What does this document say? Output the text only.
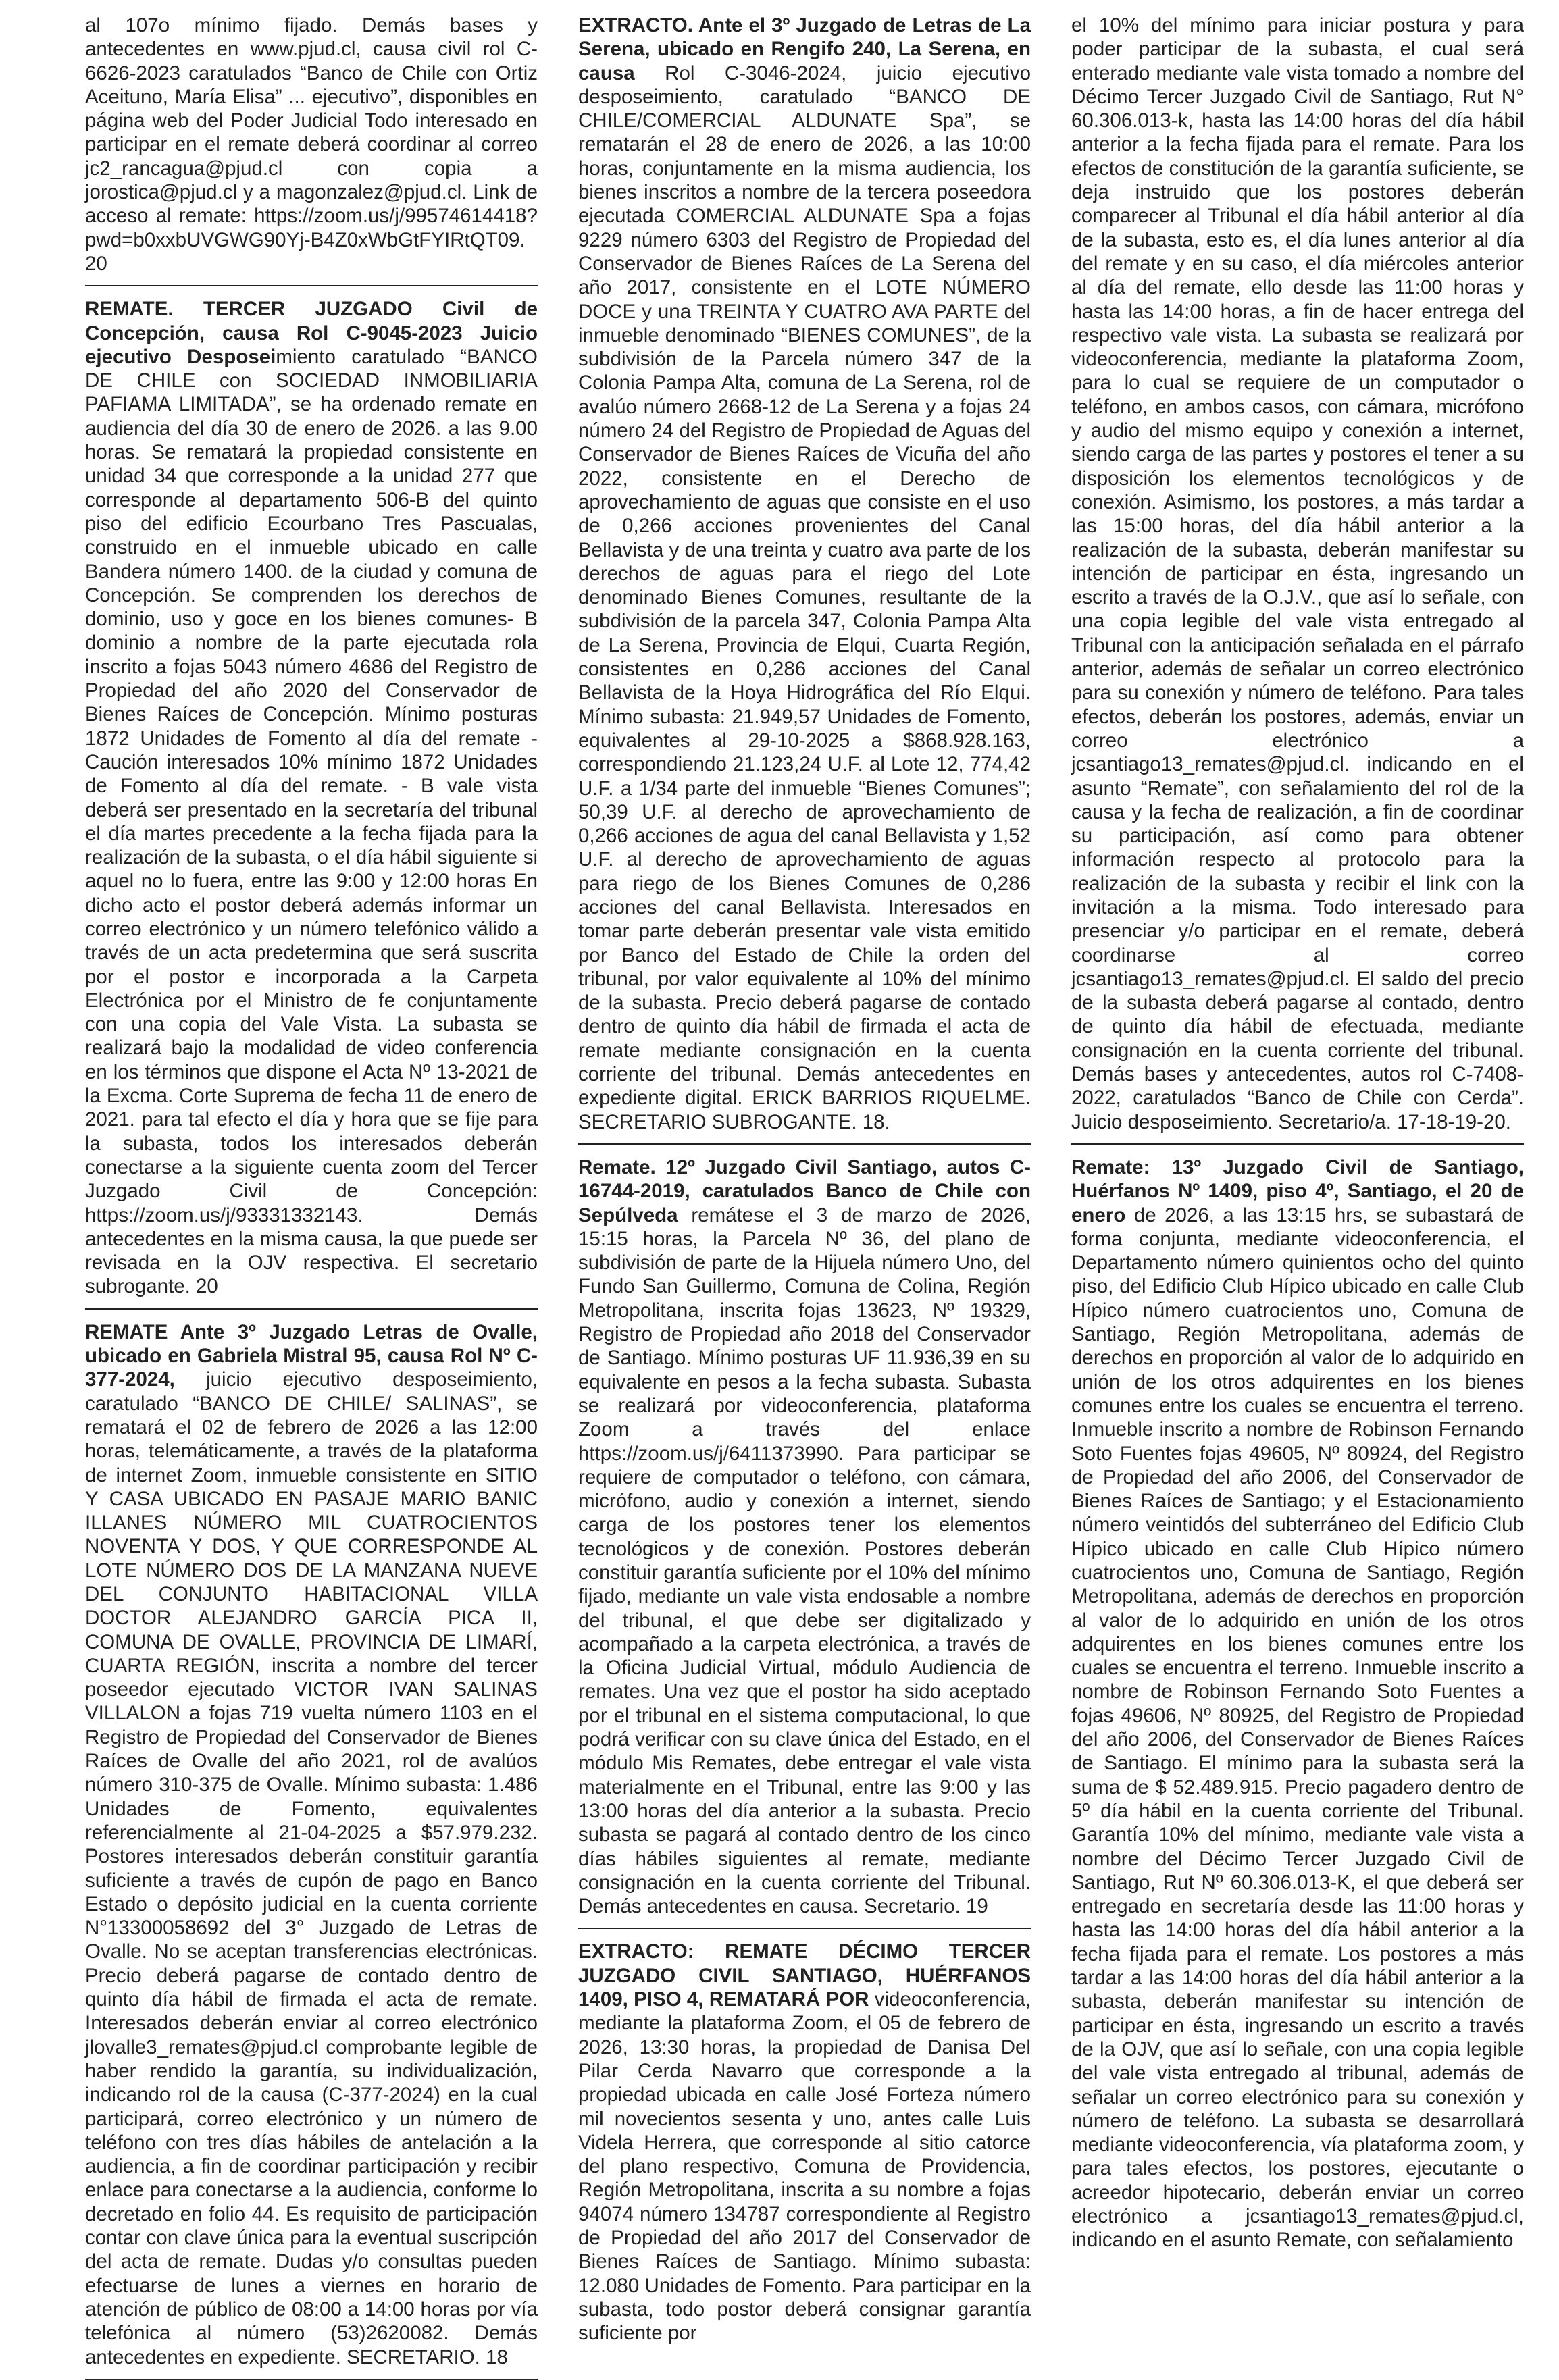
al 107o mínimo fijado. Demás bases y antecedentes en www.pjud.cl, causa civil rol C-6626-2023 caratulados “Banco de Chile con Ortiz Aceituno, María Elisa” ... ejecutivo”, disponibles en página web del Poder Judicial Todo interesado en participar en el remate deberá coordinar al correo jc2_rancagua@pjud.cl con copia a jorostica@pjud.cl y a magonzalez@pjud.cl. Link de acceso al remate: https://zoom.us/j/99574614418?pwd=b0xxbUVGWG90Yj-B4Z0xWbGtFYIRtQT09. 20

REMATE. TERCER JUZGADO Civil de Concepción, causa Rol C-9045-2023 Juicio ejecutivo Desposeimiento caratulado “BANCO DE CHILE con SOCIEDAD INMOBILIARIA PAFIAMA LIMITADA”, se ha ordenado remate en audiencia del día 30 de enero de 2026. a las 9.00 horas. Se rematará la propiedad consistente en unidad 34 que corresponde a la unidad 277 que corresponde al departamento 506-B del quinto piso del edificio Ecourbano Tres Pascualas, construido en el inmueble ubicado en calle Bandera número 1400. de la ciudad y comuna de Concepción. Se comprenden los derechos de dominio, uso y goce en los bienes comunes- B dominio a nombre de la parte ejecutada rola inscrito a fojas 5043 número 4686 del Registro de Propiedad del año 2020 del Conservador de Bienes Raíces de Concepción. Mínimo posturas 1872 Unidades de Fomento al día del remate - Caución interesados 10% mínimo 1872 Unidades de Fomento al día del remate. - B vale vista deberá ser presentado en la secretaría del tribunal el día martes precedente a la fecha fijada para la realización de la subasta, o el día hábil siguiente si aquel no lo fuera, entre las 9:00 y 12:00 horas En dicho acto el postor deberá además informar un correo electrónico y un número telefónico válido a través de un acta predetermina que será suscrita por el postor e incorporada a la Carpeta Electrónica por el Ministro de fe conjuntamente con una copia del Vale Vista. La subasta se realizará bajo la modalidad de video conferencia en los términos que dispone el Acta Nº 13-2021 de la Excma. Corte Suprema de fecha 11 de enero de 2021. para tal efecto el día y hora que se fije para la subasta, todos los interesados deberán conectarse a la siguiente cuenta zoom del Tercer Juzgado Civil de Concepción: https://zoom.us/j/93331332143. Demás antecedentes en la misma causa, la que puede ser revisada en la OJV respectiva. El secretario subrogante. 20

REMATE Ante 3º Juzgado Letras de Ovalle, ubicado en Gabriela Mistral 95, causa Rol Nº C-377-2024, juicio ejecutivo desposeimiento, caratulado “BANCO DE CHILE/ SALINAS”, se rematará el 02 de febrero de 2026 a las 12:00 horas, telemáticamente, a través de la plataforma de internet Zoom, inmueble consistente en SITIO Y CASA UBICADO EN PASAJE MARIO BANIC ILLANES NÚMERO MIL CUATROCIENTOS NOVENTA Y DOS, Y QUE CORRESPONDE AL LOTE NÚMERO DOS DE LA MANZANA NUEVE DEL CONJUNTO HABITACIONAL VILLA DOCTOR ALEJANDRO GARCÍA PICA II, COMUNA DE OVALLE, PROVINCIA DE LIMARÍ, CUARTA REGIÓN, inscrita a nombre del tercer poseedor ejecutado VICTOR IVAN SALINAS VILLALON a fojas 719 vuelta número 1103 en el Registro de Propiedad del Conservador de Bienes Raíces de Ovalle del año 2021, rol de avalúos número 310-375 de Ovalle. Mínimo subasta: 1.486 Unidades de Fomento, equivalentes referencialmente al 21-04-2025 a $57.979.232. Postores interesados deberán constituir garantía suficiente a través de cupón de pago en Banco Estado o depósito judicial en la cuenta corriente N°13300058692 del 3° Juzgado de Letras de Ovalle. No se aceptan transferencias electrónicas. Precio deberá pagarse de contado dentro de quinto día hábil de firmada el acta de remate. Interesados deberán enviar al correo electrónico jlovalle3_remates@pjud.cl comprobante legible de haber rendido la garantía, su individualización, indicando rol de la causa (C-377-2024) en la cual participará, correo electrónico y un número de teléfono con tres días hábiles de antelación a la audiencia, a fin de coordinar participación y recibir enlace para conectarse a la audiencia, conforme lo decretado en folio 44. Es requisito de participación contar con clave única para la eventual suscripción del acta de remate. Dudas y/o consultas pueden efectuarse de lunes a viernes en horario de atención de público de 08:00 a 14:00 horas por vía telefónica al número (53)2620082. Demás antecedentes en expediente. SECRETARIO. 18

EXTRACTO. Ante el 3º Juzgado de Letras de La Serena, ubicado en Rengifo 240, La Serena, en causa Rol C-3046-2024, juicio ejecutivo desposeimiento, caratulado “BANCO DE CHILE/COMERCIAL ALDUNATE Spa”, se rematarán el 28 de enero de 2026, a las 10:00 horas, conjuntamente en la misma audiencia, los bienes inscritos a nombre de la tercera poseedora ejecutada COMERCIAL ALDUNATE Spa a fojas 9229 número 6303 del Registro de Propiedad del Conservador de Bienes Raíces de La Serena del año 2017, consistente en el LOTE NÚMERO DOCE y una TREINTA Y CUATRO AVA PARTE del inmueble denominado “BIENES COMUNES”, de la subdivisión de la Parcela número 347 de la Colonia Pampa Alta, comuna de La Serena, rol de avalúo número 2668-12 de La Serena y a fojas 24 número 24 del Registro de Propiedad de Aguas del Conservador de Bienes Raíces de Vicuña del año 2022, consistente en el Derecho de aprovechamiento de aguas que consiste en el uso de 0,266 acciones provenientes del Canal Bellavista y de una treinta y cuatro ava parte de los derechos de aguas para el riego del Lote denominado Bienes Comunes, resultante de la subdivisión de la parcela 347, Colonia Pampa Alta de La Serena, Provincia de Elqui, Cuarta Región, consistentes en 0,286 acciones del Canal Bellavista de la Hoya Hidrográfica del Río Elqui. Mínimo subasta: 21.949,57 Unidades de Fomento, equivalentes al 29-10-2025 a $868.928.163, correspondiendo 21.123,24 U.F. al Lote 12, 774,42 U.F. a 1/34 parte del inmueble “Bienes Comunes”; 50,39 U.F. al derecho de aprovechamiento de 0,266 acciones de agua del canal Bellavista y 1,52 U.F. al derecho de aprovechamiento de aguas para riego de los Bienes Comunes de 0,286 acciones del canal Bellavista. Interesados en tomar parte deberán presentar vale vista emitido por Banco del Estado de Chile la orden del tribunal, por valor equivalente al 10% del mínimo de la subasta. Precio deberá pagarse de contado dentro de quinto día hábil de firmada el acta de remate mediante consignación en la cuenta corriente del tribunal. Demás antecedentes en expediente digital. ERICK BARRIOS RIQUELME. SECRETARIO SUBROGANTE. 18.

Remate. 12º Juzgado Civil Santiago, autos C-16744-2019, caratulados Banco de Chile con Sepúlveda remátese el 3 de marzo de 2026, 15:15 horas, la Parcela Nº 36, del plano de subdivisión de parte de la Hijuela número Uno, del Fundo San Guillermo, Comuna de Colina, Región Metropolitana, inscrita fojas 13623, Nº 19329, Registro de Propiedad año 2018 del Conservador de Santiago. Mínimo posturas UF 11.936,39 en su equivalente en pesos a la fecha subasta. Subasta se realizará por videoconferencia, plataforma Zoom a través del enlace https://zoom.us/j/6411373990. Para participar se requiere de computador o teléfono, con cámara, micrófono, audio y conexión a internet, siendo carga de los postores tener los elementos tecnológicos y de conexión. Postores deberán constituir garantía suficiente por el 10% del mínimo fijado, mediante un vale vista endosable a nombre del tribunal, el que debe ser digitalizado y acompañado a la carpeta electrónica, a través de la Oficina Judicial Virtual, módulo Audiencia de remates. Una vez que el postor ha sido aceptado por el tribunal en el sistema computacional, lo que podrá verificar con su clave única del Estado, en el módulo Mis Remates, debe entregar el vale vista materialmente en el Tribunal, entre las 9:00 y las 13:00 horas del día anterior a la subasta. Precio subasta se pagará al contado dentro de los cinco días hábiles siguientes al remate, mediante consignación en la cuenta corriente del Tribunal. Demás antecedentes en causa. Secretario. 19

EXTRACTO: REMATE DÉCIMO TERCER JUZGADO CIVIL SANTIAGO, HUÉRFANOS 1409, PISO 4, REMATARÁ POR videoconferencia, mediante la plataforma Zoom, el 05 de febrero de 2026, 13:30 horas, la propiedad de Danisa Del Pilar Cerda Navarro que corresponde a la propiedad ubicada en calle José Forteza número mil novecientos sesenta y uno, antes calle Luis Videla Herrera, que corresponde al sitio catorce del plano respectivo, Comuna de Providencia, Región Metropolitana, inscrita a su nombre a fojas 94074 número 134787 correspondiente al Registro de Propiedad del año 2017 del Conservador de Bienes Raíces de Santiago. Mínimo subasta: 12.080 Unidades de Fomento. Para participar en la subasta, todo postor deberá consignar garantía suficiente por

el 10% del mínimo para iniciar postura y para poder participar de la subasta, el cual será enterado mediante vale vista tomado a nombre del Décimo Tercer Juzgado Civil de Santiago, Rut N° 60.306.013-k, hasta las 14:00 horas del día hábil anterior a la fecha fijada para el remate. Para los efectos de constitución de la garantía suficiente, se deja instruido que los postores deberán comparecer al Tribunal el día hábil anterior al día de la subasta, esto es, el día lunes anterior al día del remate y en su caso, el día miércoles anterior al día del remate, ello desde las 11:00 horas y hasta las 14:00 horas, a fin de hacer entrega del respectivo vale vista. La subasta se realizará por videoconferencia, mediante la plataforma Zoom, para lo cual se requiere de un computador o teléfono, en ambos casos, con cámara, micrófono y audio del mismo equipo y conexión a internet, siendo carga de las partes y postores el tener a su disposición los elementos tecnológicos y de conexión. Asimismo, los postores, a más tardar a las 15:00 horas, del día hábil anterior a la realización de la subasta, deberán manifestar su intención de participar en ésta, ingresando un escrito a través de la O.J.V., que así lo señale, con una copia legible del vale vista entregado al Tribunal con la anticipación señalada en el párrafo anterior, además de señalar un correo electrónico para su conexión y número de teléfono. Para tales efectos, deberán los postores, además, enviar un correo electrónico a jcsantiago13_remates@pjud.cl. indicando en el asunto “Remate”, con señalamiento del rol de la causa y la fecha de realización, a fin de coordinar su participación, así como para obtener información respecto al protocolo para la realización de la subasta y recibir el link con la invitación a la misma. Todo interesado para presenciar y/o participar en el remate, deberá coordinarse al correo jcsantiago13_remates@pjud.cl. El saldo del precio de la subasta deberá pagarse al contado, dentro de quinto día hábil de efectuada, mediante consignación en la cuenta corriente del tribunal. Demás bases y antecedentes, autos rol C-7408-2022, caratulados “Banco de Chile con Cerda”. Juicio desposeimiento. Secretario/a. 17-18-19-20.

Remate: 13º Juzgado Civil de Santiago, Huérfanos Nº 1409, piso 4º, Santiago, el 20 de enero de 2026, a las 13:15 hrs, se subastará de forma conjunta, mediante videoconferencia, el Departamento número quinientos ocho del quinto piso, del Edificio Club Hípico ubicado en calle Club Hípico número cuatrocientos uno, Comuna de Santiago, Región Metropolitana, además de derechos en proporción al valor de lo adquirido en unión de los otros adquirentes en los bienes comunes entre los cuales se encuentra el terreno. Inmueble inscrito a nombre de Robinson Fernando Soto Fuentes fojas 49605, Nº 80924, del Registro de Propiedad del año 2006, del Conservador de Bienes Raíces de Santiago; y el Estacionamiento número veintidós del subterráneo del Edificio Club Hípico ubicado en calle Club Hípico número cuatrocientos uno, Comuna de Santiago, Región Metropolitana, además de derechos en proporción al valor de lo adquirido en unión de los otros adquirentes en los bienes comunes entre los cuales se encuentra el terreno. Inmueble inscrito a nombre de Robinson Fernando Soto Fuentes a fojas 49606, Nº 80925, del Registro de Propiedad del año 2006, del Conservador de Bienes Raíces de Santiago. El mínimo para la subasta será la suma de $ 52.489.915. Precio pagadero dentro de 5º día hábil en la cuenta corriente del Tribunal. Garantía 10% del mínimo, mediante vale vista a nombre del Décimo Tercer Juzgado Civil de Santiago, Rut Nº 60.306.013-K, el que deberá ser entregado en secretaría desde las 11:00 horas y hasta las 14:00 horas del día hábil anterior a la fecha fijada para el remate. Los postores a más tardar a las 14:00 horas del día hábil anterior a la subasta, deberán manifestar su intención de participar en ésta, ingresando un escrito a través de la OJV, que así lo señale, con una copia legible del vale vista entregado al tribunal, además de señalar un correo electrónico para su conexión y número de teléfono. La subasta se desarrollará mediante videoconferencia, vía plataforma zoom, y para tales efectos, los postores, ejecutante o acreedor hipotecario, deberán enviar un correo electrónico a jcsantiago13_remates@pjud.cl, indicando en el asunto Remate, con señalamiento
